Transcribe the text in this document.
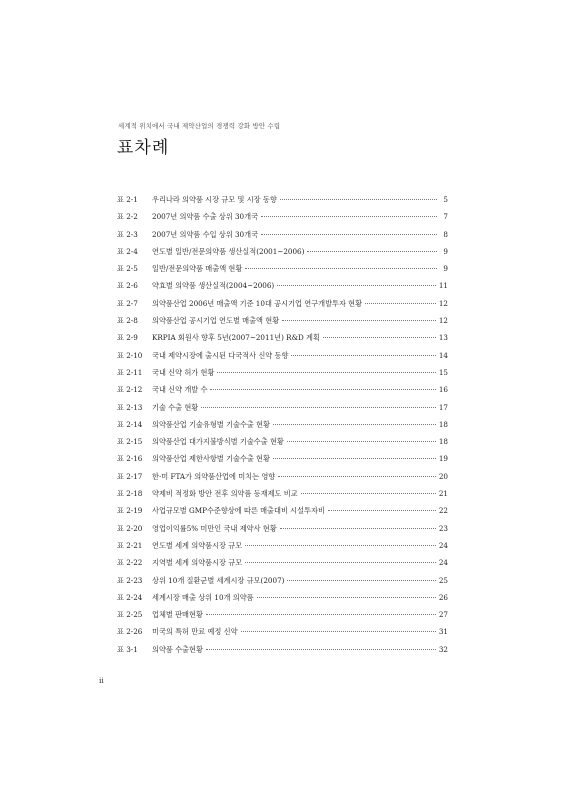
세계적 위치에서 국내 제약산업의 경쟁력 강화 방안 수립
표차례
표 2-1	우리나라 의약품 시장 규모 및 시장 동향	5
표 2-2	2007년 의약품 수출 상위 30개국	7
표 2-3	2007년 의약품 수입 상위 30개국	8
표 2-4	연도별 일반/전문의약품 생산실적(2001~2006)	9
표 2-5	일반/전문의약품 매출액 현황	9
표 2-6	약효별 의약품 생산실적(2004~2006)	11
표 2-7	의약품산업 2006년 매출액 기준 10대 공시기업 연구개발투자 현황	12
표 2-8	의약품산업 공시기업 연도별 매출액 현황	12
표 2-9	KRPIA 회원사 향후 5년(2007~2011년) R&D 계획	13
표 2-10	국내 제약시장에 출시된 다국적사 신약 동향	14
표 2-11	국내 신약 허가 현황	15
표 2-12	국내 신약 개발 수	16
표 2-13	기술 수출 현황	17
표 2-14	의약품산업 기술유형별 기술수출 현황	18
표 2-15	의약품산업 대가지불방식별 기술수출 현황	18
표 2-16	의약품산업 제한사항별 기술수출 현황	19
표 2-17	한·미 FTA가 의약품산업에 미치는 영향	20
표 2-18	약제비 적정화 방안 전후 의약품 등재제도 비교	21
표 2-19	사업규모별 GMP수준향상에 따른 매출대비 시설투자비	22
표 2-20	영업이익률5% 미만인 국내 제약사 현황	23
표 2-21	연도별 세계 의약품시장 규모	24
표 2-22	지역별 세계 의약품시장 규모	24
표 2-23	상위 10개 질환군별 세계시장 규모(2007)	25
표 2-24	세계시장 매출 상위 10개 의약품	26
표 2-25	업체별 판매현황	27
표 2-26	미국의 특허 만료 예정 신약	31
표 3-1	의약품 수출현황	32
ii
